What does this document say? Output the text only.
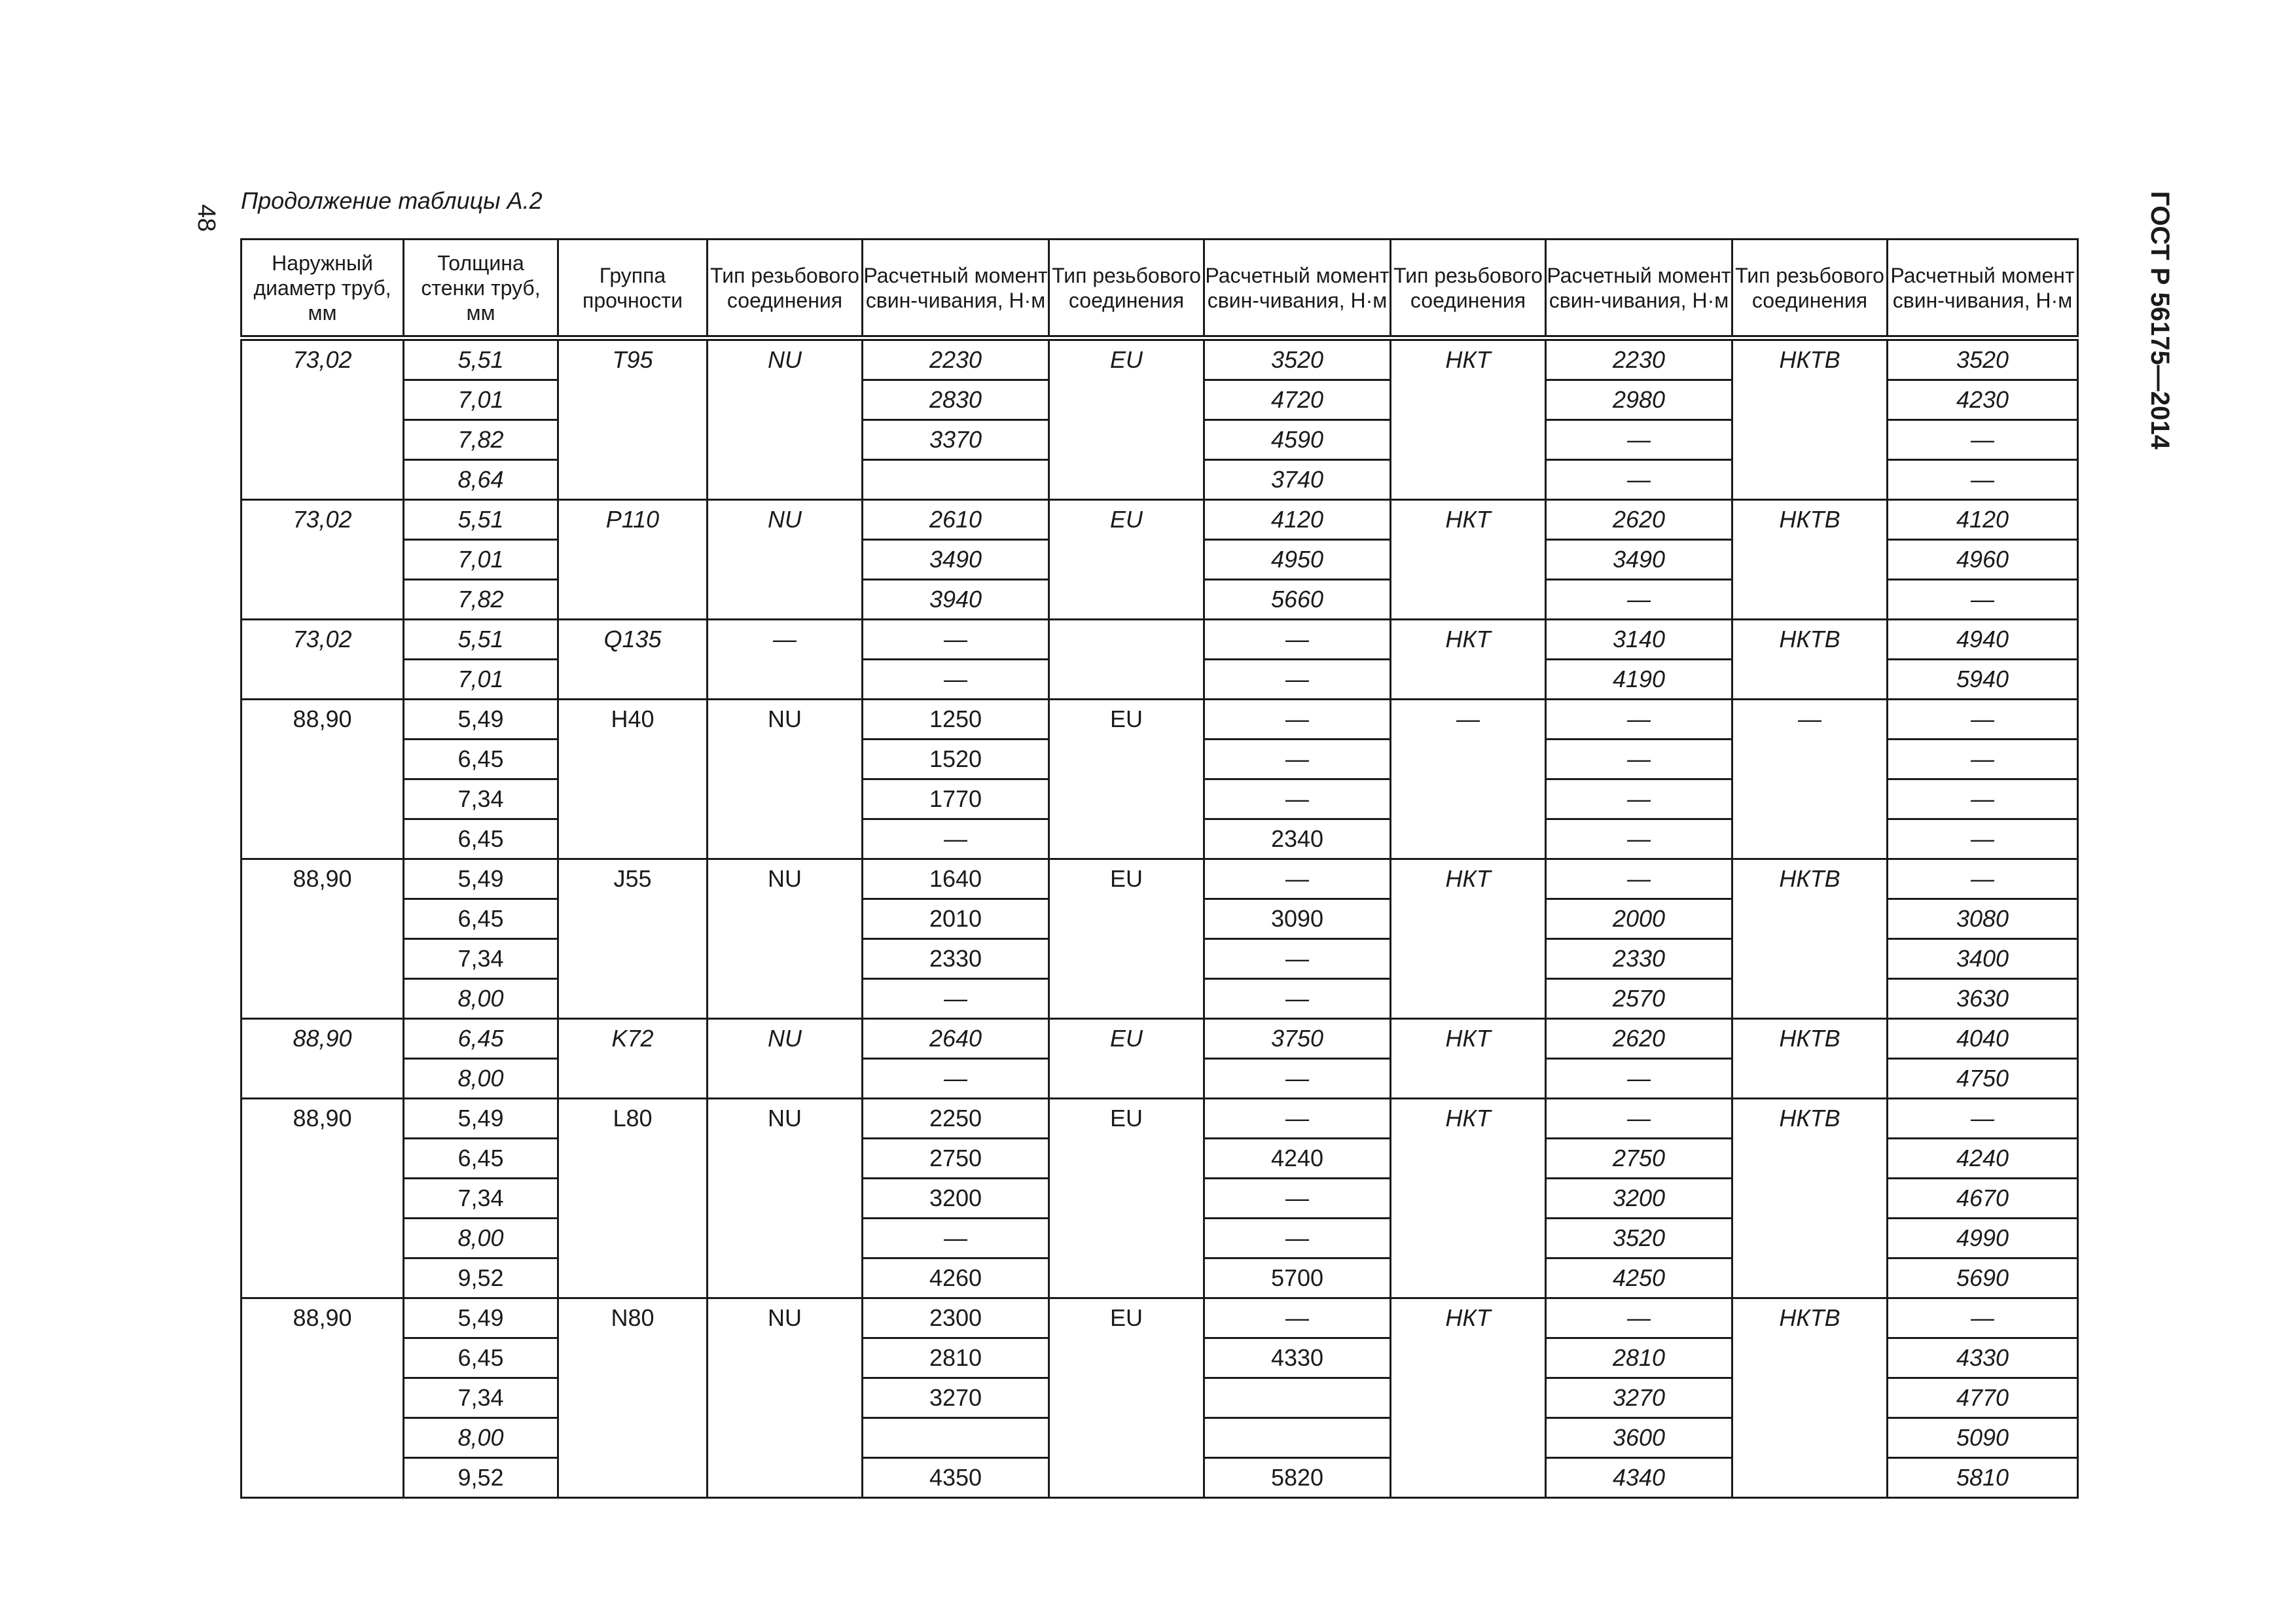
48
Продолжение таблицы А.2	ГОСТ Р 56175—2014
Наружный диаметр труб, мм	Толщина стенки труб, мм	Группа прочности	Тип резьбового соединения	Расчетный момент свин-чивания, Н·м	Тип резьбового соединения	Расчетный момент свин-чивания, Н·м	Тип резьбового соединения	Расчетный момент свин-чивания, Н·м	Тип резьбового соединения	Расчетный момент свин-чивания, Н·м
73,02	5,51	T95	NU	2230	EU	3520	НКТ	2230	НКТВ	3520
	7,01			2830		4720		2980		4230
	7,82			3370		4590		—		—
	8,64					3740		—		—
73,02	5,51	P110	NU	2610	EU	4120	НКТ	2620	НКТВ	4120
	7,01			3490		4950		3490		4960
	7,82			3940		5660		—		—
73,02	5,51	Q135	—	—		—	НКТ	3140	НКТВ	4940
	7,01			—		—		4190		5940
88,90	5,49	H40	NU	1250	EU	—	—	—	—	—
	6,45			1520		—		—		—
	7,34			1770		—		—		—
	6,45			—		2340		—		—
88,90	5,49	J55	NU	1640	EU	—	НКТ	—	НКТВ	—
	6,45			2010		3090		2000		3080
	7,34			2330		—		2330		3400
	8,00			—		—		2570		3630
88,90	6,45	K72	NU	2640	EU	3750	НКТ	2620	НКТВ	4040
	8,00			—		—		—		4750
88,90	5,49	L80	NU	2250	EU	—	НКТ	—	НКТВ	—
	6,45			2750		4240		2750		4240
	7,34			3200		—		3200		4670
	8,00			—		—		3520		4990
	9,52			4260		5700		4250		5690
88,90	5,49	N80	NU	2300	EU	—	НКТ	—	НКТВ	—
	6,45			2810		4330		2810		4330
	7,34			3270				3270		4770
	8,00							3600		5090
	9,52			4350		5820		4340		5810
